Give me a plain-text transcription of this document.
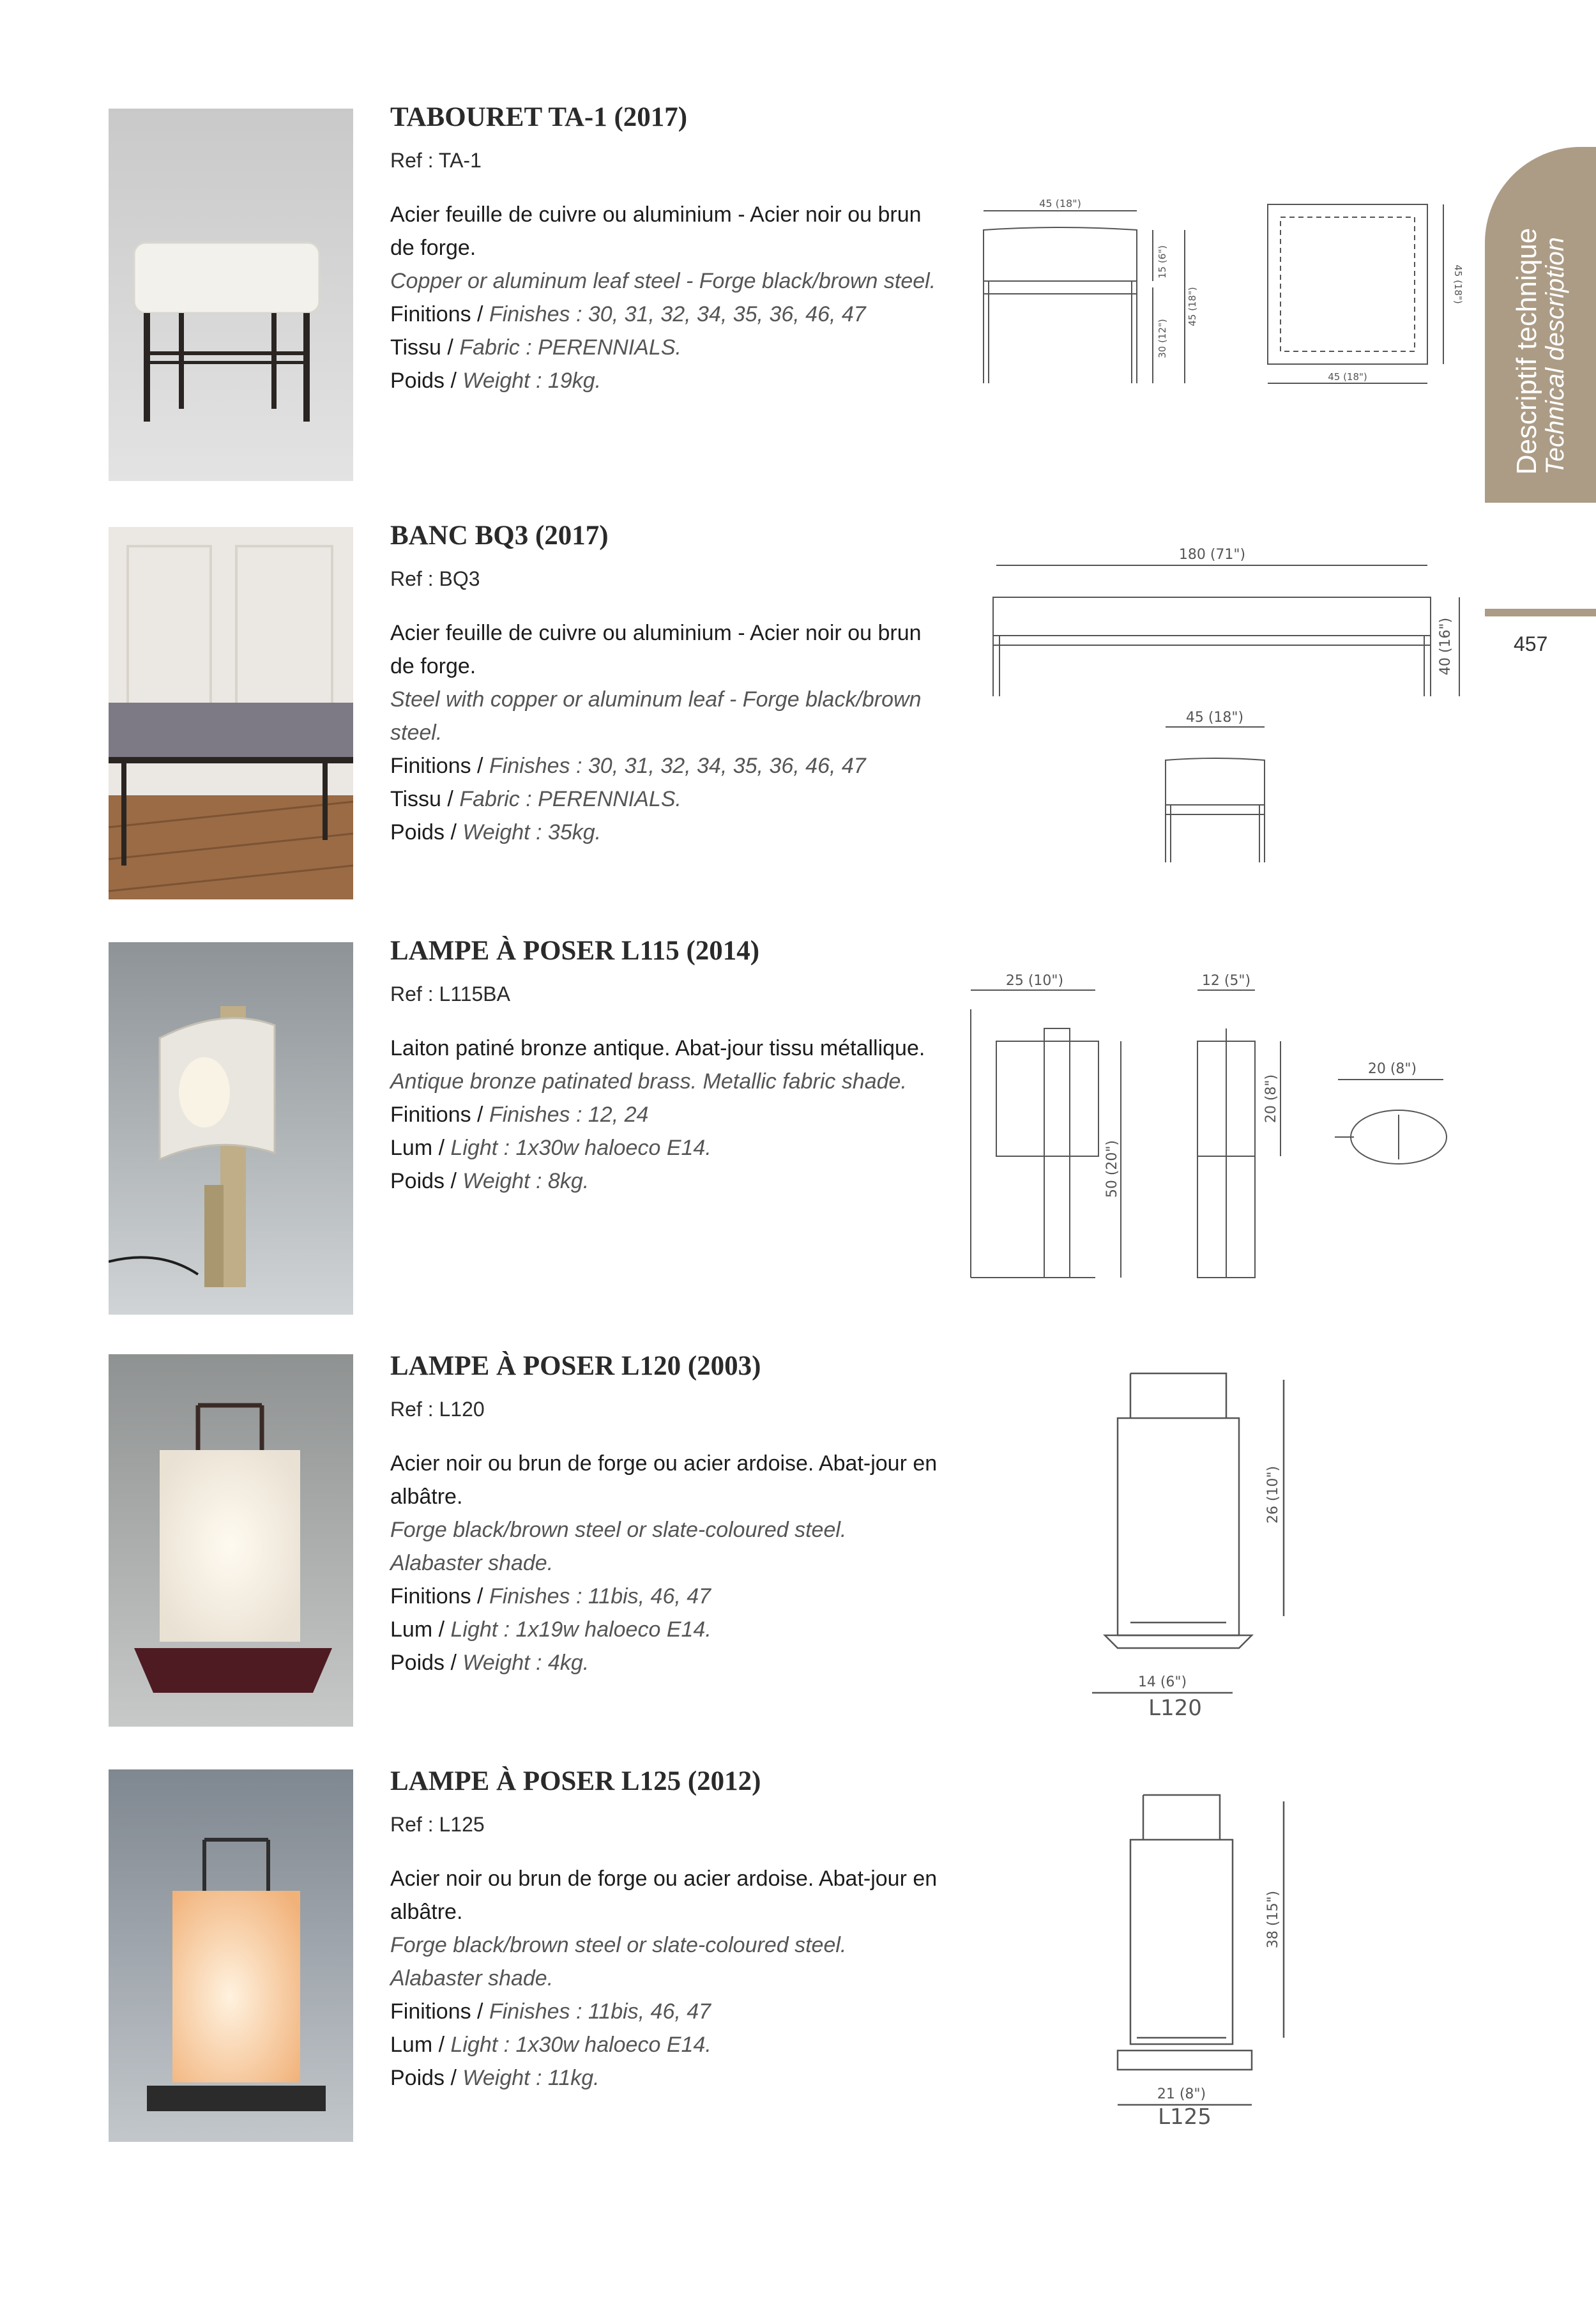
Descriptif technique
Technical description
457
TABOURET TA-1 (2017)
Ref : TA-1
Acier feuille de cuivre ou aluminium - Acier noir ou brun de forge.
Copper or aluminum leaf steel - Forge black/brown steel.
Finitions / Finishes : 30, 31, 32, 34, 35, 36, 46, 47
Tissu / Fabric : PERENNIALS.
Poids / Weight : 19kg.
45 (18")
15 (6")
30 (12")
45 (18")
45 (18")
45 (18")
BANC BQ3 (2017)
Ref : BQ3
Acier feuille de cuivre ou aluminium - Acier noir ou brun de forge.
Steel with copper or aluminum leaf - Forge black/brown steel.
Finitions / Finishes : 30, 31, 32, 34, 35, 36, 46, 47
Tissu / Fabric : PERENNIALS.
Poids / Weight : 35kg.
180 (71")
40 (16")
45 (18")
LAMPE À POSER L115 (2014)
Ref : L115BA
Laiton patiné bronze antique. Abat-jour tissu métallique.
Antique bronze patinated brass. Metallic fabric shade.
Finitions / Finishes : 12, 24
Lum / Light : 1x30w haloeco E14.
Poids / Weight : 8kg.
25 (10")	12 (5")
50 (20")
20 (8")
20 (8")
LAMPE À POSER L120 (2003)
Ref : L120
Acier noir ou brun de forge ou acier ardoise. Abat-jour en albâtre.
Forge black/brown steel or slate-coloured steel. Alabaster shade.
Finitions / Finishes : 11bis, 46, 47
Lum / Light : 1x19w haloeco E14.
Poids / Weight : 4kg.
26 (10")
14 (6")
L120
LAMPE À POSER L125 (2012)
Ref : L125
Acier noir ou brun de forge ou acier ardoise. Abat-jour en albâtre.
Forge black/brown steel or slate-coloured steel. Alabaster shade.
Finitions / Finishes : 11bis, 46, 47
Lum / Light : 1x30w haloeco E14.
Poids / Weight : 11kg.
38 (15")
21 (8")
L125
